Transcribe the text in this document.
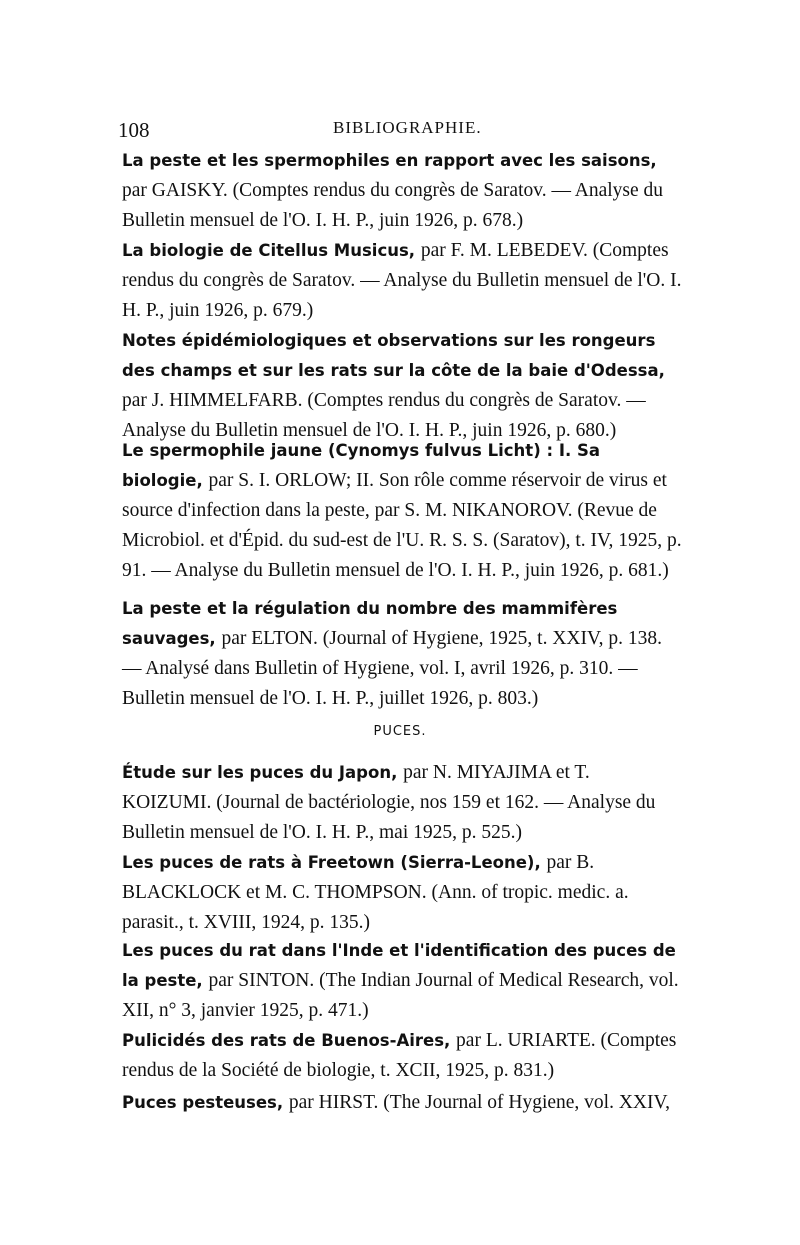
108	BIBLIOGRAPHIE.
La peste et les spermophiles en rapport avec les saisons, par GAISKY. (Comptes rendus du congrès de Saratov. — Analyse du Bulletin mensuel de l'O. I. H. P., juin 1926, p. 678.)
La biologie de Citellus Musicus, par F. M. LEBEDEV. (Comptes rendus du congrès de Saratov. — Analyse du Bulletin mensuel de l'O. I. H. P., juin 1926, p. 679.)
Notes épidémiologiques et observations sur les rongeurs des champs et sur les rats sur la côte de la baie d'Odessa, par J. HIMMELFARB. (Comptes rendus du congrès de Saratov. — Analyse du Bulletin mensuel de l'O. I. H. P., juin 1926, p. 680.)
Le spermophile jaune (Cynomys fulvus Licht) : I. Sa biologie, par S. I. ORLOW; II. Son rôle comme réservoir de virus et source d'infection dans la peste, par S. M. NIKANOROV. (Revue de Microbiol. et d'Épid. du sud-est de l'U. R. S. S. (Saratov), t. IV, 1925, p. 91. — Analyse du Bulletin mensuel de l'O. I. H. P., juin 1926, p. 681.)
La peste et la régulation du nombre des mammifères sauvages, par ELTON. (Journal of Hygiene, 1925, t. XXIV, p. 138. — Analysé dans Bulletin of Hygiene, vol. I, avril 1926, p. 310. — Bulletin mensuel de l'O. I. H. P., juillet 1926, p. 803.)
PUCES.
Étude sur les puces du Japon, par N. MIYAJIMA et T. KOIZUMI. (Journal de bactériologie, nos 159 et 162. — Analyse du Bulletin mensuel de l'O. I. H. P., mai 1925, p. 525.)
Les puces de rats à Freetown (Sierra-Leone), par B. BLACKLOCK et M. C. THOMPSON. (Ann. of tropic. medic. a. parasit., t. XVIII, 1924, p. 135.)
Les puces du rat dans l'Inde et l'identification des puces de la peste, par SINTON. (The Indian Journal of Medical Research, vol. XII, n° 3, janvier 1925, p. 471.)
Pulicidés des rats de Buenos-Aires, par L. URIARTE. (Comptes rendus de la Société de biologie, t. XCII, 1925, p. 831.)
Puces pesteuses, par HIRST. (The Journal of Hygiene, vol. XXIV,
